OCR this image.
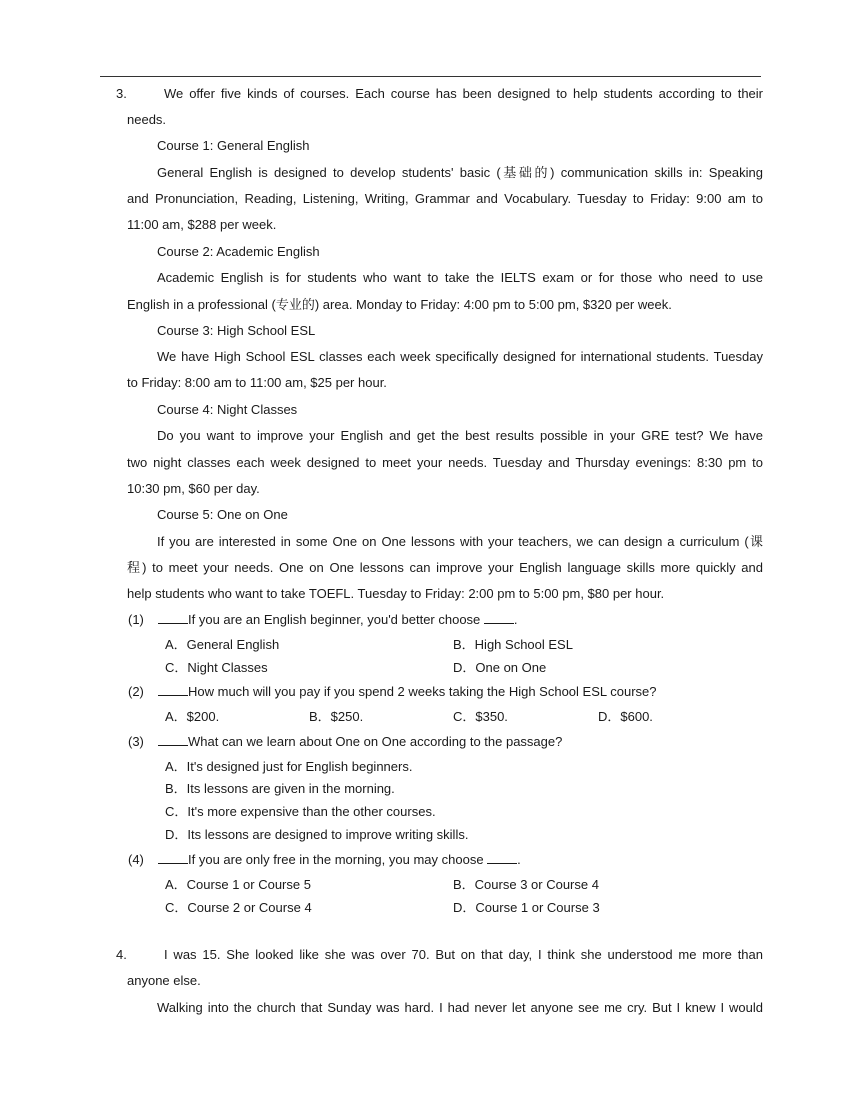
3.	We offer five kinds of courses. Each course has been designed to help students according to their
needs.
Course 1: General English
General English is designed to develop students' basic (基础的) communication skills in: Speaking
and Pronunciation, Reading, Listening, Writing, Grammar and Vocabulary. Tuesday to Friday: 9:00 am to
11:00 am, $288 per week.
Course 2: Academic English
Academic English is for students who want to take the IELTS exam or for those who need to use
English in a professional (专业的) area. Monday to Friday: 4:00 pm to 5:00 pm, $320 per week.
Course 3: High School ESL
We have High School ESL classes each week specifically designed for international students. Tuesday
to Friday: 8:00 am to 11:00 am, $25 per hour.
Course 4: Night Classes
Do you want to improve your English and get the best results possible in your GRE test? We have
two night classes each week designed to meet your needs. Tuesday and Thursday evenings: 8:30 pm to
10:30 pm, $60 per day.
Course 5: One on One
If you are interested in some One on One lessons with your teachers, we can design a curriculum (课
程) to meet your needs. One on One lessons can improve your English language skills more quickly and
help students who want to take TOEFL. Tuesday to Friday: 2:00 pm to 5:00 pm, $80 per hour.
(1)	If you are an English beginner, you'd better choose	.
A．General English	B．High School ESL
C．Night Classes	D．One on One
(2)	How much will you pay if you spend 2 weeks taking the High School ESL course?
A．$200.	B．$250.	C．$350.	D．$600.
(3)	What can we learn about One on One according to the passage?
A．It's designed just for English beginners.
B．Its lessons are given in the morning.
C．It's more expensive than the other courses.
D．Its lessons are designed to improve writing skills.
(4)	If you are only free in the morning, you may choose	.
A．Course 1 or Course 5	B．Course 3 or Course 4
C．Course 2 or Course 4	D．Course 1 or Course 3
4.	I was 15. She looked like she was over 70. But on that day, I think she understood me more than
anyone else.
Walking into the church that Sunday was hard. I had never let anyone see me cry. But I knew I would
